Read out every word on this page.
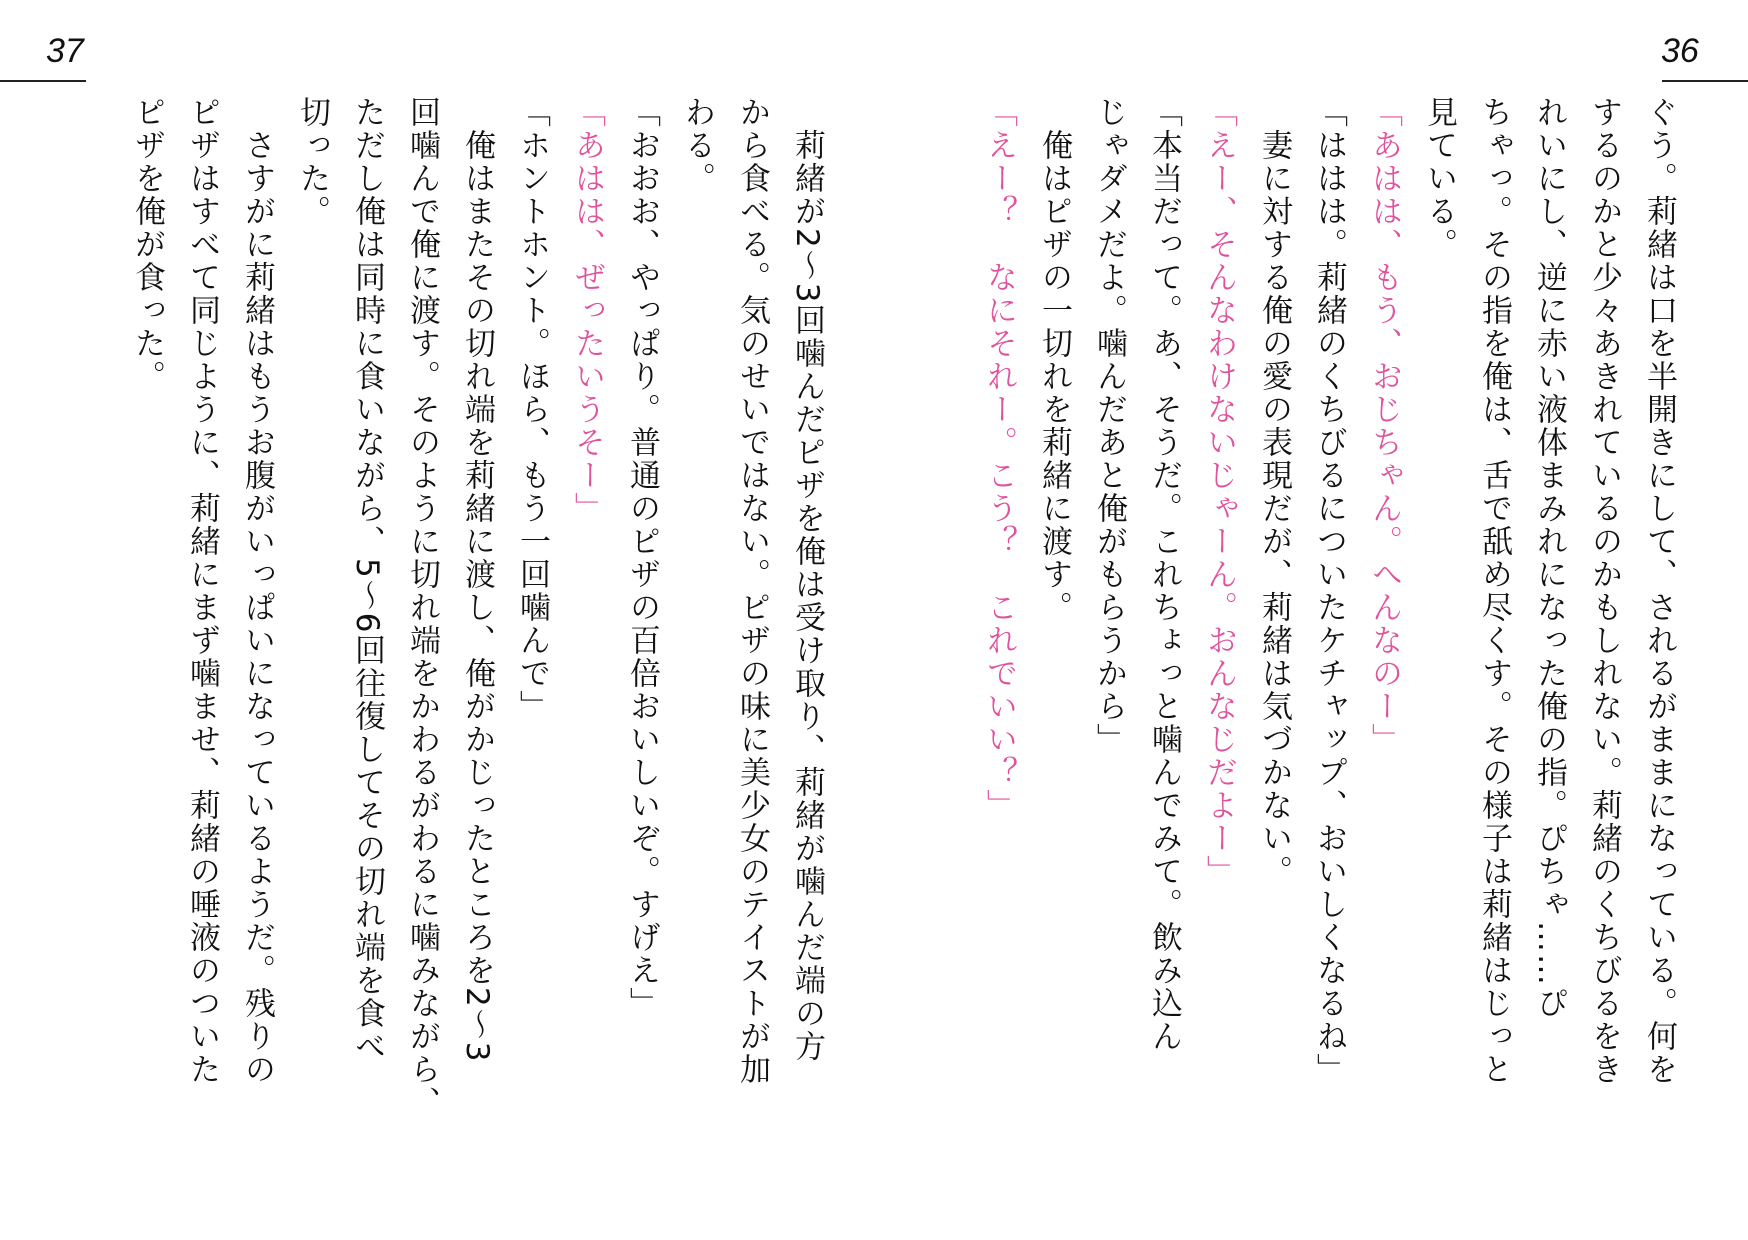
37
　莉緒が2～3回噛んだピザを俺は受け取り、莉緒が噛んだ端の方
から食べる。気のせいではない。ピザの味に美少女のテイストが加
わる。
「おおお、やっぱり。普通のピザの百倍おいしいぞ。すげえ」
「あはは、ぜったいうそー」
「ホントホント。ほら、もう一回噛んで」
　俺はまたその切れ端を莉緒に渡し、俺がかじったところを2～3
回噛んで俺に渡す。そのように切れ端をかわるがわるに噛みながら、
ただし俺は同時に食いながら、5～6回往復してその切れ端を食べ
切った。
　さすがに莉緒はもうお腹がいっぱいになっているようだ。残りの
ピザはすべて同じように、莉緒にまず噛ませ、莉緒の唾液のついた
ピザを俺が食った。
36
ぐう。莉緒は口を半開きにして、されるがままになっている。何を
するのかと少々あきれているのかもしれない。莉緒のくちびるをき
れいにし、逆に赤い液体まみれになった俺の指。ぴちゃ……ぴ
ちゃっ。その指を俺は、舌で舐め尽くす。その様子は莉緒はじっと
見ている。
「あはは、もう、おじちゃん。へんなのー」
「ははは。莉緒のくちびるについたケチャップ、おいしくなるね」
　妻に対する俺の愛の表現だが、莉緒は気づかない。
「えー、そんなわけないじゃーん。おんなじだよー」
「本当だって。あ、そうだ。これちょっと噛んでみて。飲み込ん
じゃダメだよ。噛んだあと俺がもらうから」
　俺はピザの一切れを莉緒に渡す。
「えー？　なにそれー。こう？　これでいい？」
